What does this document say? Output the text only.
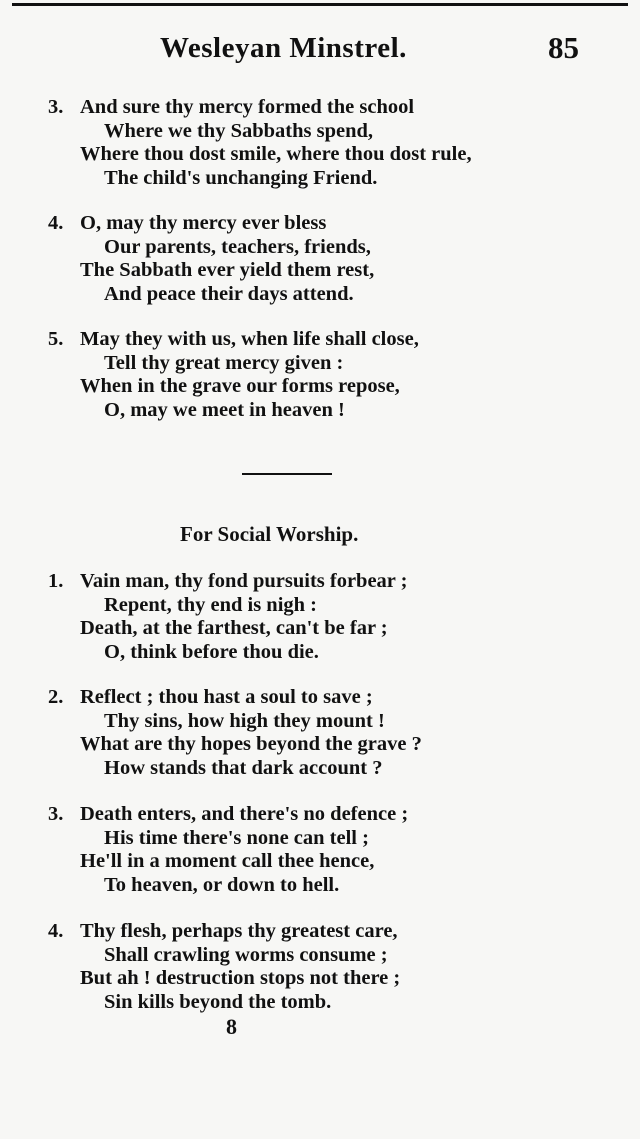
Wesleyan Minstrel.	85
3. And sure thy mercy formed the school
Where we thy Sabbaths spend,
Where thou dost smile, where thou dost rule,
The child's unchanging Friend.
4. O, may thy mercy ever bless
Our parents, teachers, friends,
The Sabbath ever yield them rest,
And peace their days attend.
5. May they with us, when life shall close,
Tell thy great mercy given :
When in the grave our forms repose,
O, may we meet in heaven !
For Social Worship.
1. Vain man, thy fond pursuits forbear ;
Repent, thy end is nigh :
Death, at the farthest, can't be far ;
O, think before thou die.
2. Reflect ; thou hast a soul to save ;
Thy sins, how high they mount !
What are thy hopes beyond the grave ?
How stands that dark account ?
3. Death enters, and there's no defence ;
His time there's none can tell ;
He'll in a moment call thee hence,
To heaven, or down to hell.
4. Thy flesh, perhaps thy greatest care,
Shall crawling worms consume ;
But ah ! destruction stops not there ;
Sin kills beyond the tomb.
8
